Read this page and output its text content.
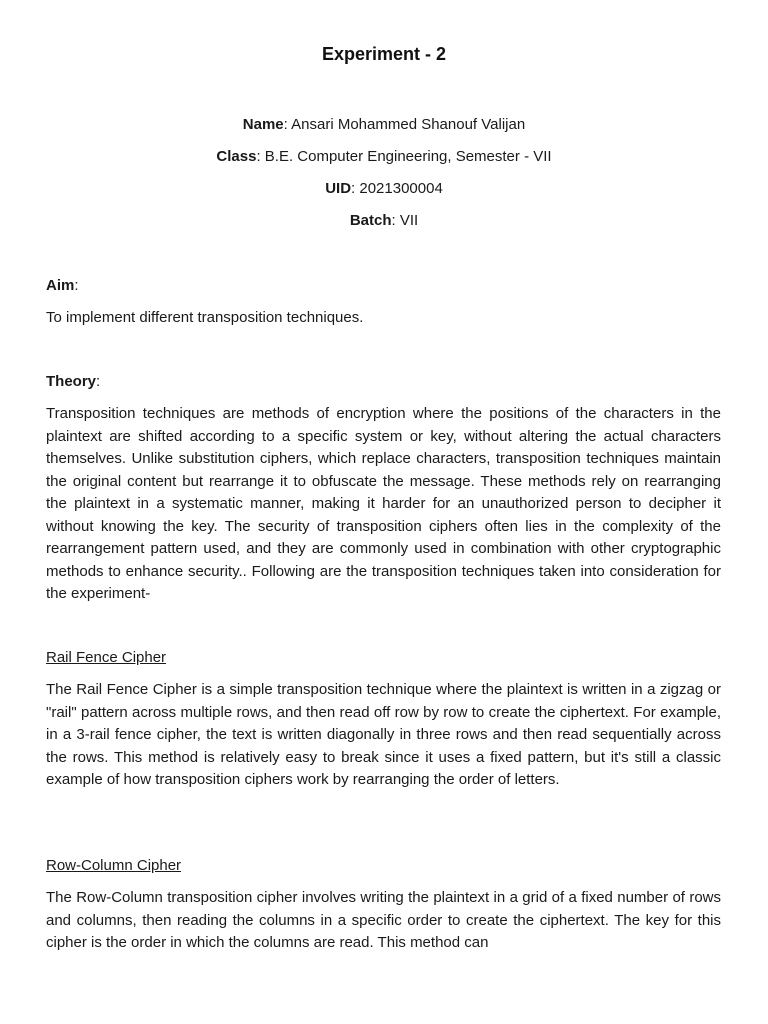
Experiment - 2
Name: Ansari Mohammed Shanouf Valijan
Class: B.E. Computer Engineering, Semester - VII
UID: 2021300004
Batch: VII
Aim:
To implement different transposition techniques.
Theory:
Transposition techniques are methods of encryption where the positions of the characters in the plaintext are shifted according to a specific system or key, without altering the actual characters themselves. Unlike substitution ciphers, which replace characters, transposition techniques maintain the original content but rearrange it to obfuscate the message. These methods rely on rearranging the plaintext in a systematic manner, making it harder for an unauthorized person to decipher it without knowing the key. The security of transposition ciphers often lies in the complexity of the rearrangement pattern used, and they are commonly used in combination with other cryptographic methods to enhance security.. Following are the transposition techniques taken into consideration for the experiment-
Rail Fence Cipher
The Rail Fence Cipher is a simple transposition technique where the plaintext is written in a zigzag or "rail" pattern across multiple rows, and then read off row by row to create the ciphertext. For example, in a 3-rail fence cipher, the text is written diagonally in three rows and then read sequentially across the rows. This method is relatively easy to break since it uses a fixed pattern, but it's still a classic example of how transposition ciphers work by rearranging the order of letters.
Row-Column Cipher
The Row-Column transposition cipher involves writing the plaintext in a grid of a fixed number of rows and columns, then reading the columns in a specific order to create the ciphertext. The key for this cipher is the order in which the columns are read. This method can
